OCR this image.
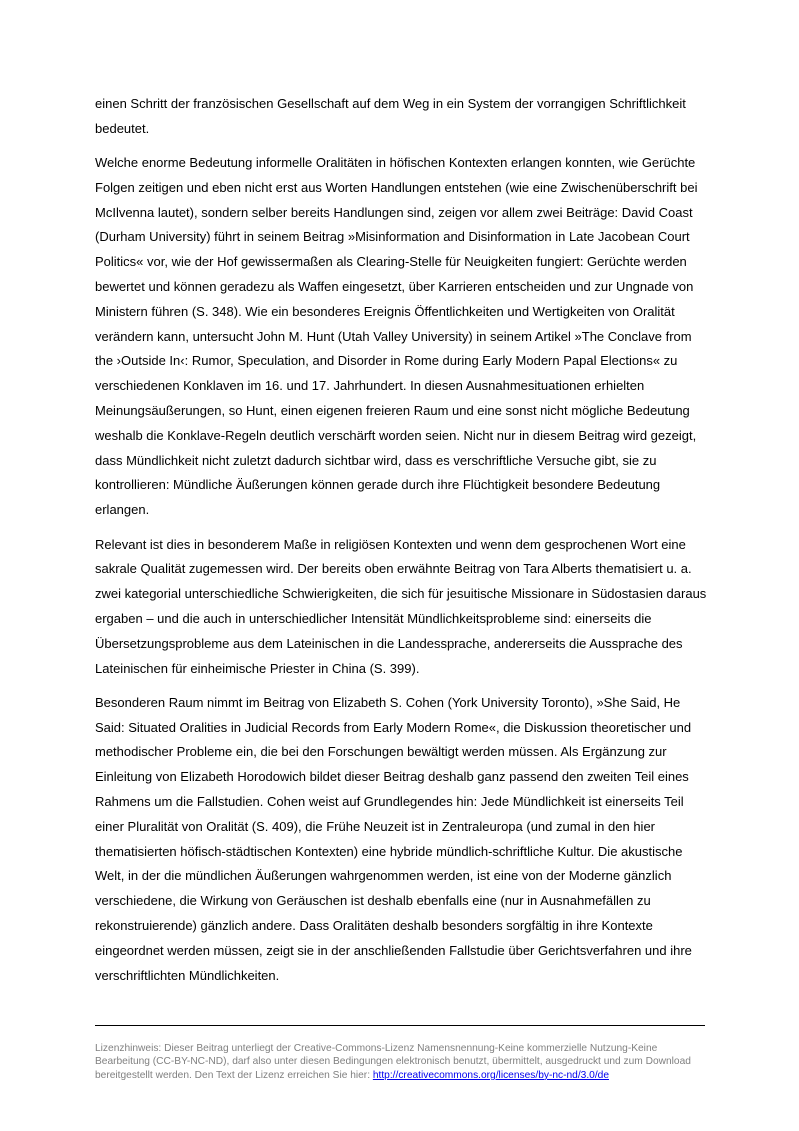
einen Schritt der französischen Gesellschaft auf dem Weg in ein System der vorrangigen Schriftlichkeit bedeutet.

Welche enorme Bedeutung informelle Oralitäten in höfischen Kontexten erlangen konnten, wie Gerüchte Folgen zeitigen und eben nicht erst aus Worten Handlungen entstehen (wie eine Zwischenüberschrift bei McIlvenna lautet), sondern selber bereits Handlungen sind, zeigen vor allem zwei Beiträge: David Coast (Durham University) führt in seinem Beitrag »Misinformation and Disinformation in Late Jacobean Court Politics« vor, wie der Hof gewissermaßen als Clearing-Stelle für Neuigkeiten fungiert: Gerüchte werden bewertet und können geradezu als Waffen eingesetzt, über Karrieren entscheiden und zur Ungnade von Ministern führen (S. 348). Wie ein besonderes Ereignis Öffentlichkeiten und Wertigkeiten von Oralität verändern kann, untersucht John M. Hunt (Utah Valley University) in seinem Artikel »The Conclave from the ›Outside In‹: Rumor, Speculation, and Disorder in Rome during Early Modern Papal Elections« zu verschiedenen Konklaven im 16. und 17. Jahrhundert. In diesen Ausnahmesituationen erhielten Meinungsäußerungen, so Hunt, einen eigenen freieren Raum und eine sonst nicht mögliche Bedeutung weshalb die Konklave-Regeln deutlich verschärft worden seien. Nicht nur in diesem Beitrag wird gezeigt, dass Mündlichkeit nicht zuletzt dadurch sichtbar wird, dass es verschriftliche Versuche gibt, sie zu kontrollieren: Mündliche Äußerungen können gerade durch ihre Flüchtigkeit besondere Bedeutung erlangen.

Relevant ist dies in besonderem Maße in religiösen Kontexten und wenn dem gesprochenen Wort eine sakrale Qualität zugemessen wird. Der bereits oben erwähnte Beitrag von Tara Alberts thematisiert u. a. zwei kategorial unterschiedliche Schwierigkeiten, die sich für jesuitische Missionare in Südostasien daraus ergaben – und die auch in unterschiedlicher Intensität Mündlichkeitsprobleme sind: einerseits die Übersetzungsprobleme aus dem Lateinischen in die Landessprache, andererseits die Aussprache des Lateinischen für einheimische Priester in China (S. 399).

Besonderen Raum nimmt im Beitrag von Elizabeth S. Cohen (York University Toronto), »She Said, He Said: Situated Oralities in Judicial Records from Early Modern Rome«, die Diskussion theoretischer und methodischer Probleme ein, die bei den Forschungen bewältigt werden müssen. Als Ergänzung zur Einleitung von Elizabeth Horodowich bildet dieser Beitrag deshalb ganz passend den zweiten Teil eines Rahmens um die Fallstudien. Cohen weist auf Grundlegendes hin: Jede Mündlichkeit ist einerseits Teil einer Pluralität von Oralität (S. 409), die Frühe Neuzeit ist in Zentraleuropa (und zumal in den hier thematisierten höfisch-städtischen Kontexten) eine hybride mündlich-schriftliche Kultur. Die akustische Welt, in der die mündlichen Äußerungen wahrgenommen werden, ist eine von der Moderne gänzlich verschiedene, die Wirkung von Geräuschen ist deshalb ebenfalls eine (nur in Ausnahmefällen zu rekonstruierende) gänzlich andere. Dass Oralitäten deshalb besonders sorgfältig in ihre Kontexte eingeordnet werden müssen, zeigt sie in der anschließenden Fallstudie über Gerichtsverfahren und ihre verschriftlichten Mündlichkeiten.

Lizenzhinweis: Dieser Beitrag unterliegt der Creative-Commons-Lizenz Namensnennung-Keine kommerzielle Nutzung-Keine Bearbeitung (CC-BY-NC-ND), darf also unter diesen Bedingungen elektronisch benutzt, übermittelt, ausgedruckt und zum Download bereitgestellt werden. Den Text der Lizenz erreichen Sie hier: http://creativecommons.org/licenses/by-nc-nd/3.0/de
